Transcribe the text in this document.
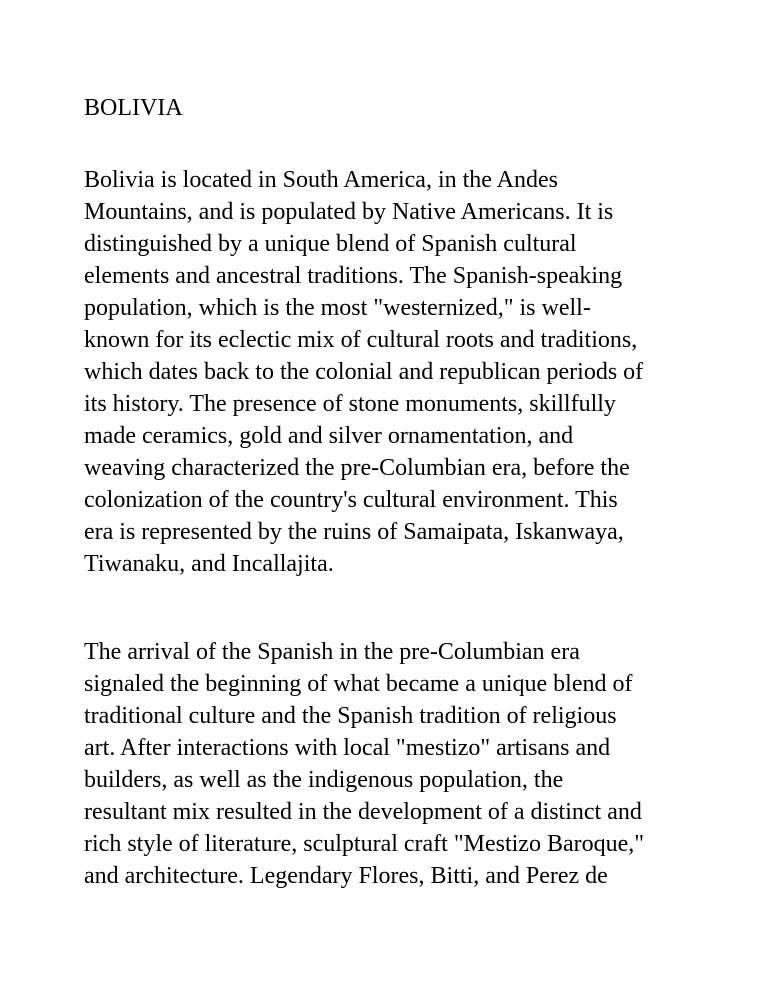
BOLIVIA
Bolivia is located in South America, in the Andes
Mountains, and is populated by Native Americans. It is
distinguished by a unique blend of Spanish cultural
elements and ancestral traditions. The Spanish-speaking
population, which is the most "westernized," is well-
known for its eclectic mix of cultural roots and traditions,
which dates back to the colonial and republican periods of
its history. The presence of stone monuments, skillfully
made ceramics, gold and silver ornamentation, and
weaving characterized the pre-Columbian era, before the
colonization of the country's cultural environment. This
era is represented by the ruins of Samaipata, Iskanwaya,
Tiwanaku, and Incallajita.
The arrival of the Spanish in the pre-Columbian era
signaled the beginning of what became a unique blend of
traditional culture and the Spanish tradition of religious
art. After interactions with local "mestizo" artisans and
builders, as well as the indigenous population, the
resultant mix resulted in the development of a distinct and
rich style of literature, sculptural craft "Mestizo Baroque,"
and architecture. Legendary Flores, Bitti, and Perez de
